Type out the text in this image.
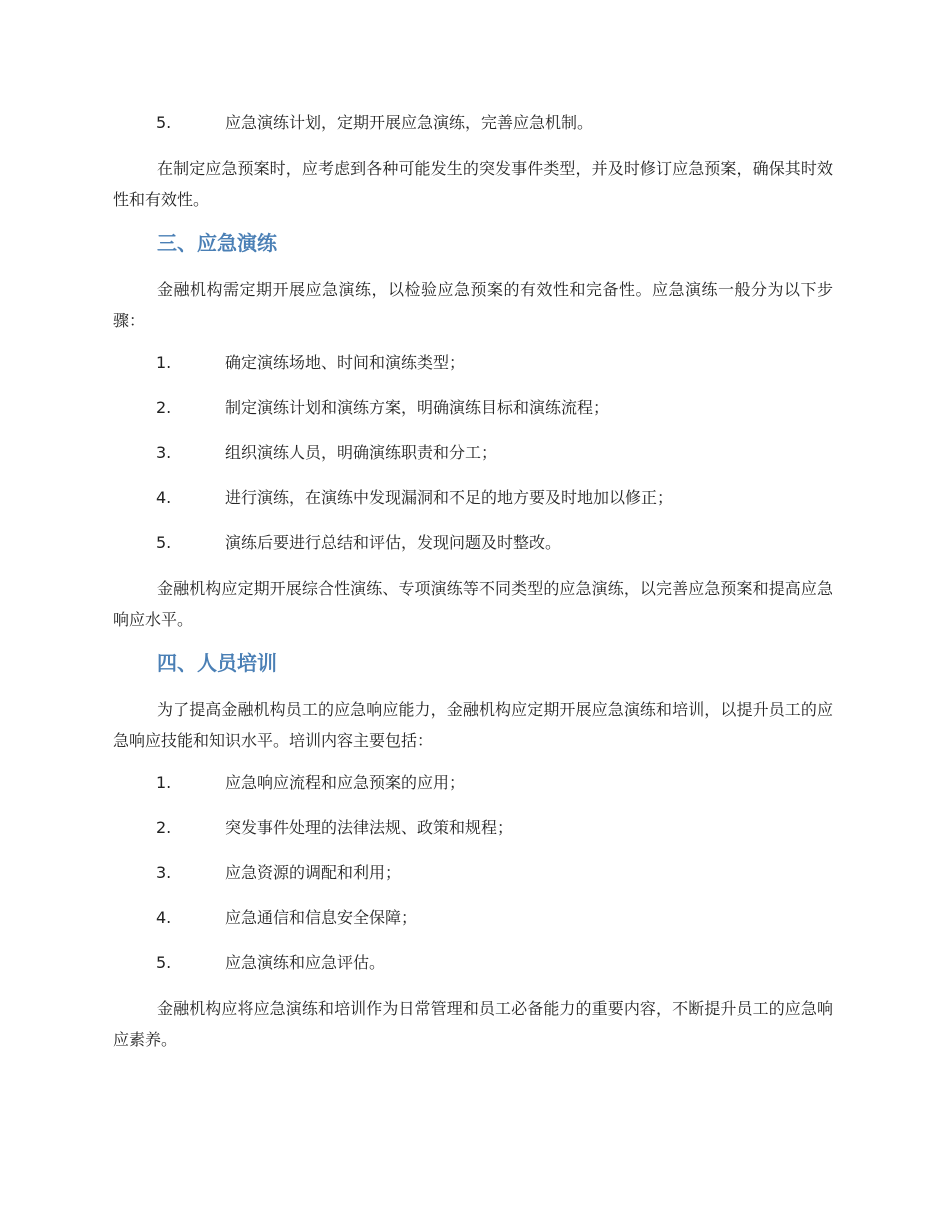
5.	应急演练计划，定期开展应急演练，完善应急机制。

在制定应急预案时，应考虑到各种可能发生的突发事件类型，并及时修订应急预案，确保其时效性和有效性。

三、应急演练

金融机构需定期开展应急演练，以检验应急预案的有效性和完备性。应急演练一般分为以下步骤：

1.	确定演练场地、时间和演练类型；
2.	制定演练计划和演练方案，明确演练目标和演练流程；
3.	组织演练人员，明确演练职责和分工；
4.	进行演练，在演练中发现漏洞和不足的地方要及时地加以修正；
5.	演练后要进行总结和评估，发现问题及时整改。

金融机构应定期开展综合性演练、专项演练等不同类型的应急演练，以完善应急预案和提高应急响应水平。

四、人员培训

为了提高金融机构员工的应急响应能力，金融机构应定期开展应急演练和培训，以提升员工的应急响应技能和知识水平。培训内容主要包括：

1.	应急响应流程和应急预案的应用；
2.	突发事件处理的法律法规、政策和规程；
3.	应急资源的调配和利用；
4.	应急通信和信息安全保障；
5.	应急演练和应急评估。

金融机构应将应急演练和培训作为日常管理和员工必备能力的重要内容，不断提升员工的应急响应素养。
